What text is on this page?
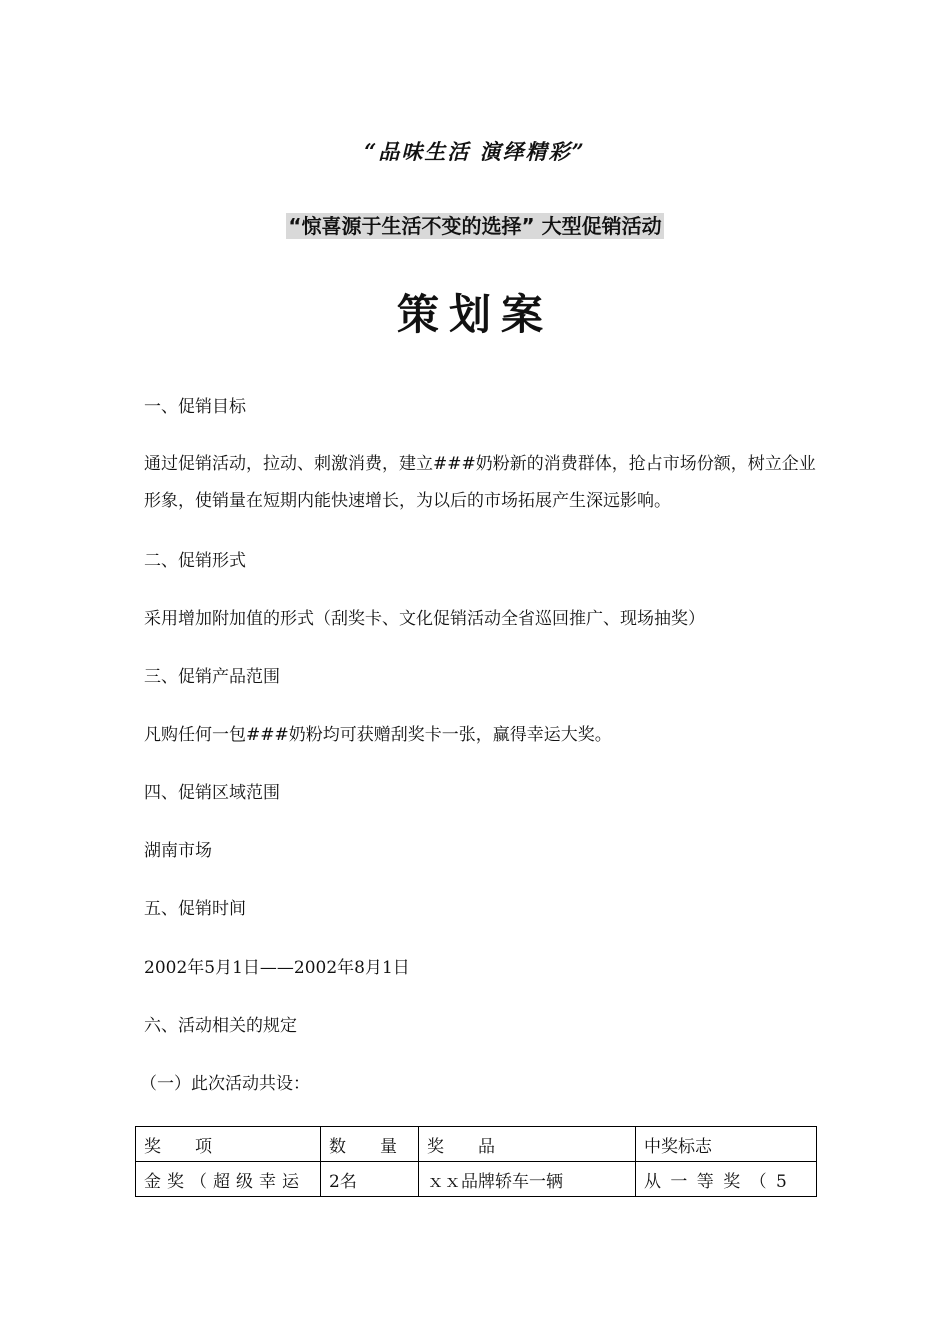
“品味生活 演绎精彩”
“惊喜源于生活不变的选择” 大型促销活动
策划案
一、促销目标
通过促销活动，拉动、刺激消费，建立###奶粉新的消费群体，抢占市场份额，树立企业形象，使销量在短期内能快速增长，为以后的市场拓展产生深远影响。
二、促销形式
采用增加附加值的形式（刮奖卡、文化促销活动全省巡回推广、现场抽奖）
三、促销产品范围
凡购任何一包###奶粉均可获赠刮奖卡一张，赢得幸运大奖。
四、促销区域范围
湖南市场
五、促销时间
2002年5月1日——2002年8月1日
六、活动相关的规定
（一）此次活动共设：
奖　　项	数　　量	奖　　品	中奖标志
金奖（超级幸运	2名	ｘｘ品牌轿车一辆	从 一 等 奖 （ 5
